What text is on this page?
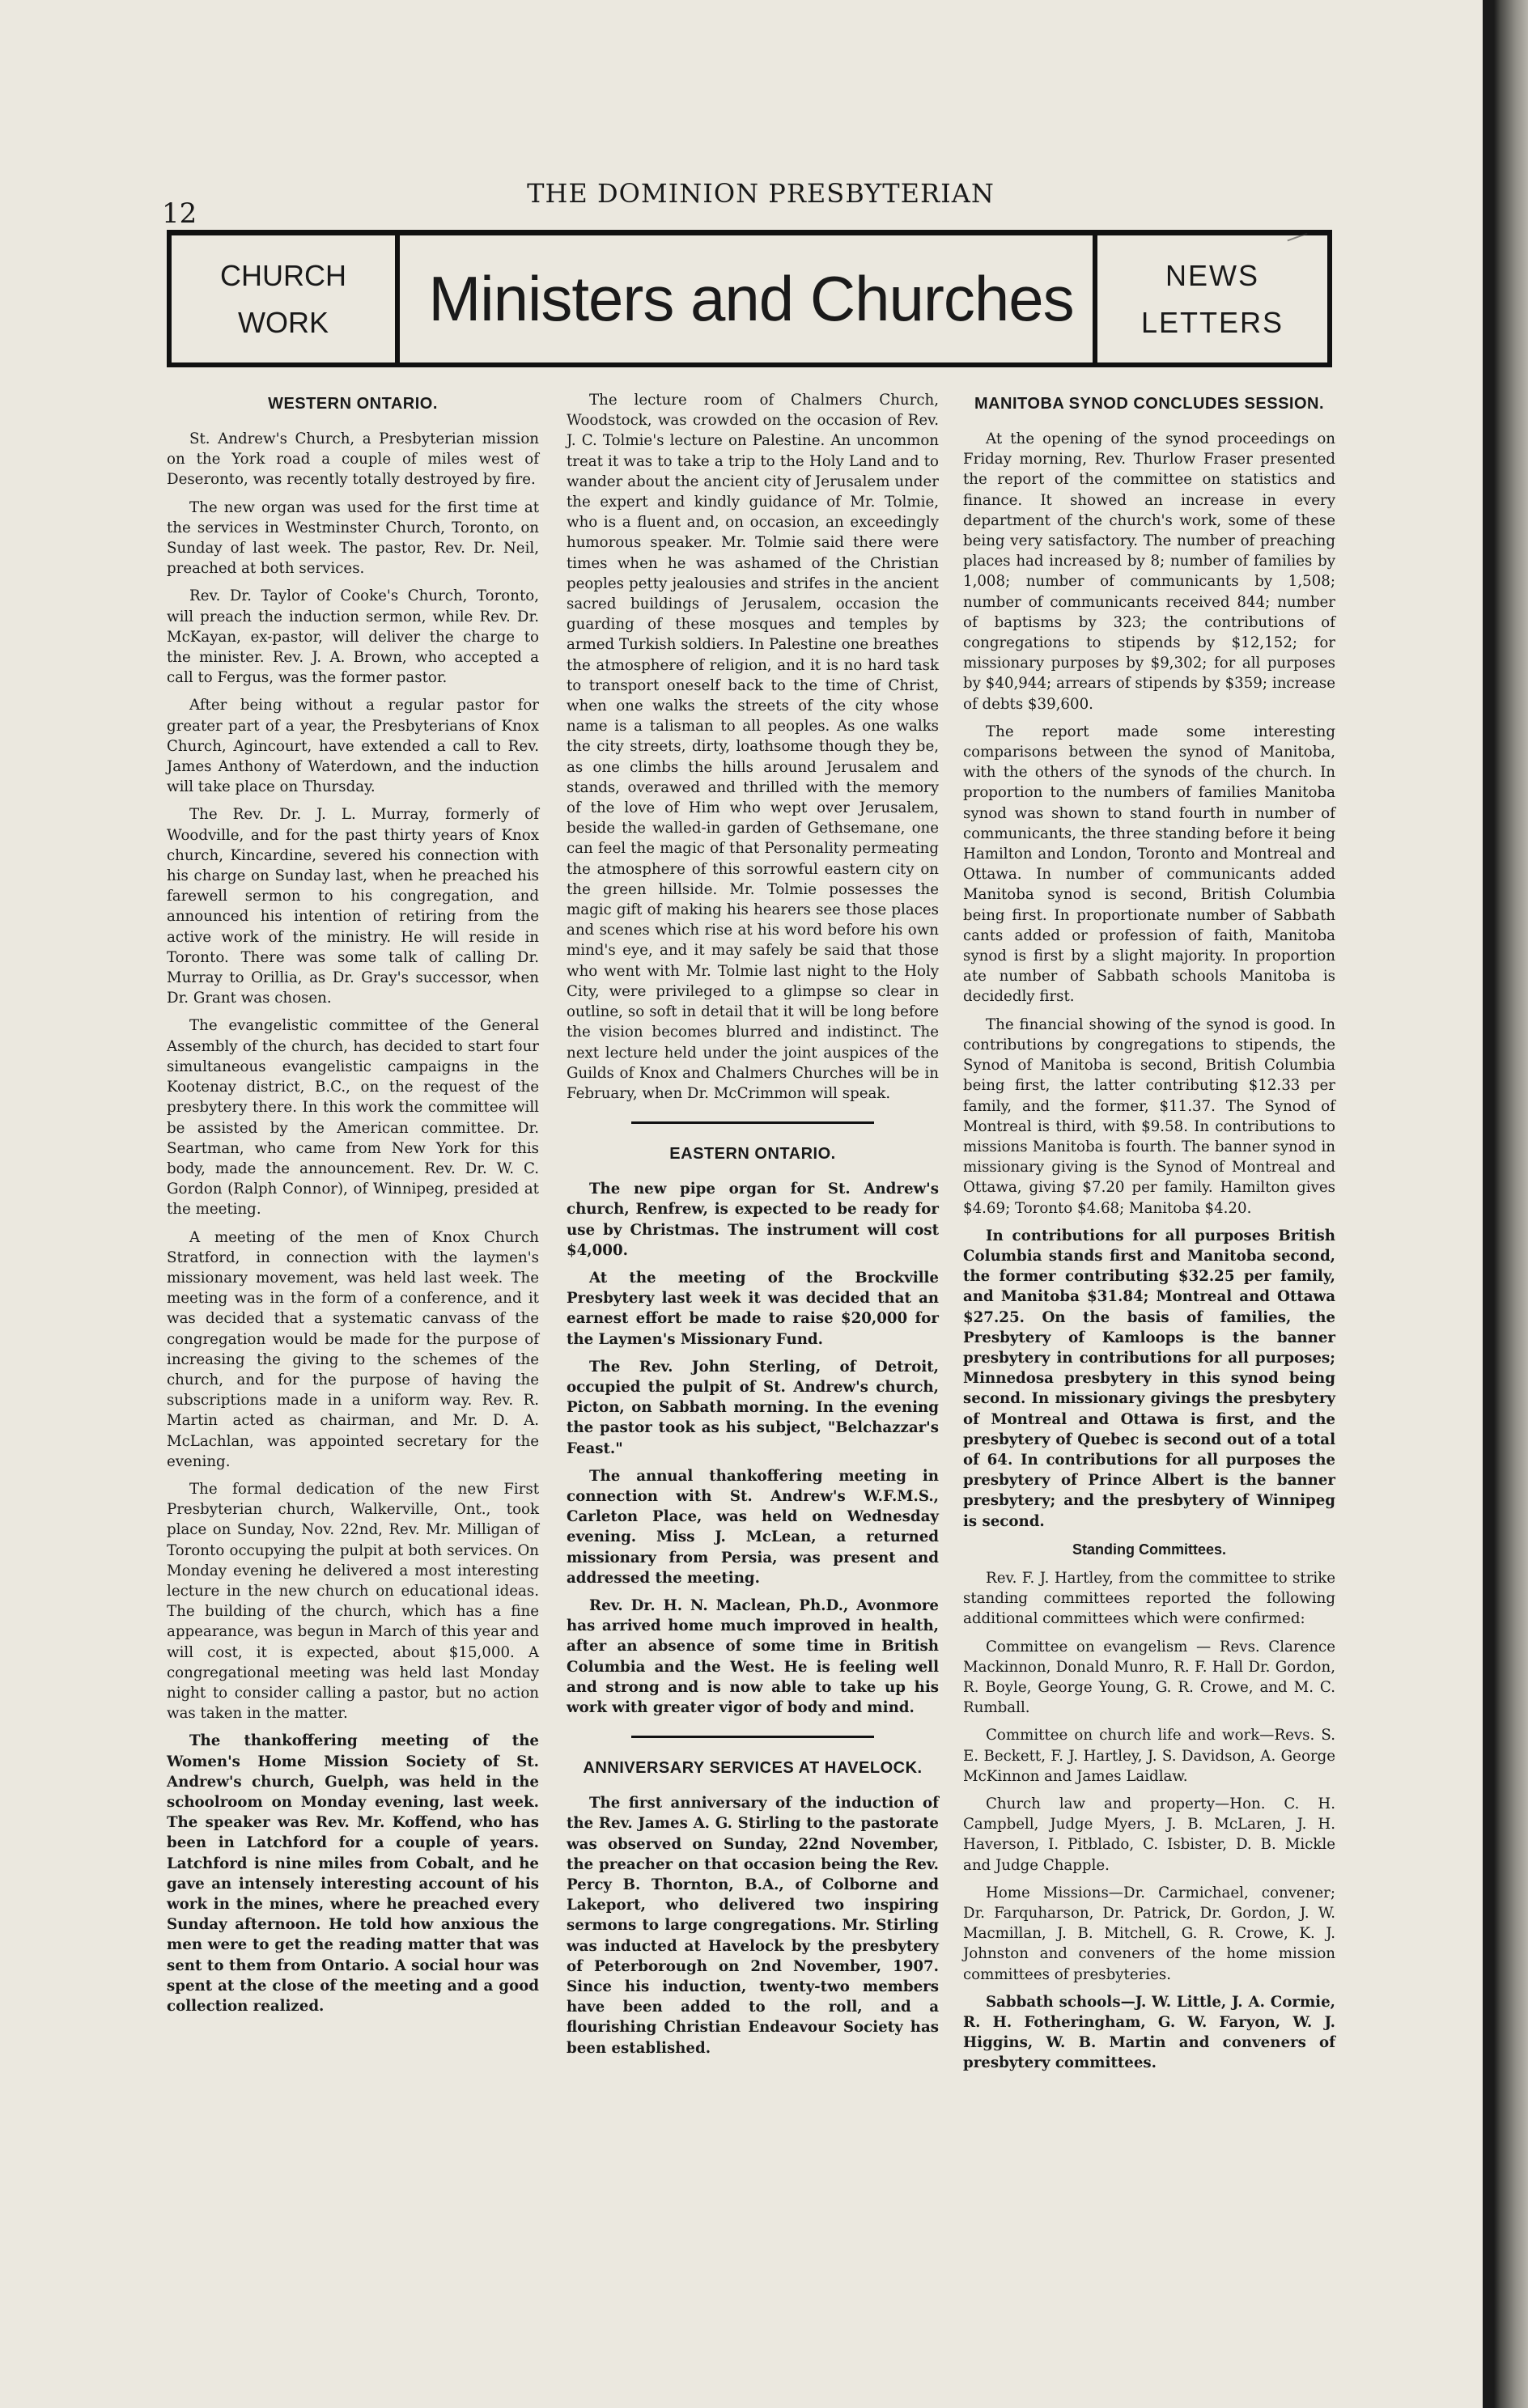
12
THE DOMINION PRESBYTERIAN
CHURCH
WORK	Ministers and Churches	NEWS
LETTERS
WESTERN ONTARIO.

St. Andrew's Church, a Presbyterian mission on the York road a couple of miles west of Deseronto, was recently totally destroyed by fire.

The new organ was used for the first time at the services in Westminster Church, Toronto, on Sunday of last week. The pastor, Rev. Dr. Neil, preached at both services.

Rev. Dr. Taylor of Cooke's Church, Toronto, will preach the induction sermon, while Rev. Dr. McKayan, ex-pastor, will deliver the charge to the minister. Rev. J. A. Brown, who accepted a call to Fergus, was the former pastor.

After being without a regular pastor for greater part of a year, the Presbyterians of Knox Church, Agincourt, have extended a call to Rev. James Anthony of Waterdown, and the induction will take place on Thursday.

The Rev. Dr. J. L. Murray, formerly of Woodville, and for the past thirty years of Knox church, Kincardine, severed his connection with his charge on Sunday last, when he preached his farewell sermon to his congregation, and announced his intention of retiring from the active work of the ministry. He will reside in Toronto. There was some talk of calling Dr. Murray to Orillia, as Dr. Gray's successor, when Dr. Grant was chosen.

The evangelistic committee of the General Assembly of the church, has decided to start four simultaneous evangelistic campaigns in the Kootenay district, B.C., on the request of the presbytery there. In this work the committee will be assisted by the American committee. Dr. Seartman, who came from New York for this body, made the announcement. Rev. Dr. W. C. Gordon (Ralph Connor), of Winnipeg, presided at the meeting.

A meeting of the men of Knox Church Stratford, in connection with the laymen's missionary movement, was held last week. The meeting was in the form of a conference, and it was decided that a systematic canvass of the congregation would be made for the purpose of increasing the giving to the schemes of the church, and for the purpose of having the subscriptions made in a uniform way. Rev. R. Martin acted as chairman, and Mr. D. A. McLachlan, was appointed secretary for the evening.

The formal dedication of the new First Presbyterian church, Walkerville, Ont., took place on Sunday, Nov. 22nd, Rev. Mr. Milligan of Toronto occupying the pulpit at both services. On Monday evening he delivered a most interesting lecture in the new church on educational ideas. The building of the church, which has a fine appearance, was begun in March of this year and will cost, it is expected, about $15,000. A congregational meeting was held last Monday night to consider calling a pastor, but no action was taken in the matter.

The thankoffering meeting of the Women's Home Mission Society of St. Andrew's church, Guelph, was held in the schoolroom on Monday evening, last week. The speaker was Rev. Mr. Koffend, who has been in Latchford for a couple of years. Latchford is nine miles from Cobalt, and he gave an intensely interesting account of his work in the mines, where he preached every Sunday afternoon. He told how anxious the men were to get the reading matter that was sent to them from Ontario. A social hour was spent at the close of the meeting and a good collection realized.

The lecture room of Chalmers Church, Woodstock, was crowded on the occasion of Rev. J. C. Tolmie's lecture on Palestine. An uncommon treat it was to take a trip to the Holy Land and to wander about the ancient city of Jerusalem under the expert and kindly guidance of Mr. Tolmie, who is a fluent and, on occasion, an exceedingly humorous speaker. Mr. Tolmie said there were times when he was ashamed of the Christian peoples petty jealousies and strifes in the ancient sacred buildings of Jerusalem, occasion the guarding of these mosques and temples by armed Turkish soldiers. In Palestine one breathes the atmosphere of religion, and it is no hard task to transport oneself back to the time of Christ, when one walks the streets of the city whose name is a talisman to all peoples. As one walks the city streets, dirty, loathsome though they be, as one climbs the hills around Jerusalem and stands, overawed and thrilled with the memory of the love of Him who wept over Jerusalem, beside the walled-in garden of Gethsemane, one can feel the magic of that Personality permeating the atmosphere of this sorrowful eastern city on the green hillside. Mr. Tolmie possesses the magic gift of making his hearers see those places and scenes which rise at his word before his own mind's eye, and it may safely be said that those who went with Mr. Tolmie last night to the Holy City, were privileged to a glimpse so clear in outline, so soft in detail that it will be long before the vision becomes blurred and indistinct. The next lecture held under the joint auspices of the Guilds of Knox and Chalmers Churches will be in February, when Dr. McCrimmon will speak.

EASTERN ONTARIO.

The new pipe organ for St. Andrew's church, Renfrew, is expected to be ready for use by Christmas. The instrument will cost $4,000.

At the meeting of the Brockville Presbytery last week it was decided that an earnest effort be made to raise $20,000 for the Laymen's Missionary Fund.

The Rev. John Sterling, of Detroit, occupied the pulpit of St. Andrew's church, Picton, on Sabbath morning. In the evening the pastor took as his subject, "Belchazzar's Feast."

The annual thankoffering meeting in connection with St. Andrew's W.F.M.S., Carleton Place, was held on Wednesday evening. Miss J. McLean, a returned missionary from Persia, was present and addressed the meeting.

Rev. Dr. H. N. Maclean, Ph.D., Avonmore has arrived home much improved in health, after an absence of some time in British Columbia and the West. He is feeling well and strong and is now able to take up his work with greater vigor of body and mind.

ANNIVERSARY SERVICES AT HAVELOCK.

The first anniversary of the induction of the Rev. James A. G. Stirling to the pastorate was observed on Sunday, 22nd November, the preacher on that occasion being the Rev. Percy B. Thornton, B.A., of Colborne and Lakeport, who delivered two inspiring sermons to large congregations. Mr. Stirling was inducted at Havelock by the presbytery of Peterborough on 2nd November, 1907. Since his induction, twenty-two members have been added to the roll, and a flourishing Christian Endeavour Society has been established.

MANITOBA SYNOD CONCLUDES SESSION.

At the opening of the synod proceedings on Friday morning, Rev. Thurlow Fraser presented the report of the committee on statistics and finance. It showed an increase in every department of the church's work, some of these being very satisfactory. The number of preaching places had increased by 8; number of families by 1,008; number of communicants by 1,508; number of communicants received 844; number of baptisms by 323; the contributions of congregations to stipends by $12,152; for missionary purposes by $9,302; for all purposes by $40,944; arrears of stipends by $359; increase of debts $39,600.

The report made some interesting comparisons between the synod of Manitoba, with the others of the synods of the church. In proportion to the numbers of families Manitoba synod was shown to stand fourth in number of communicants, the three standing before it being Hamilton and London, Toronto and Montreal and Ottawa. In number of communicants added Manitoba synod is second, British Columbia being first. In proportionate number of Sabbath cants added or profession of faith, Manitoba synod is first by a slight majority. In proportion ate number of Sabbath schools Manitoba is decidedly first.

The financial showing of the synod is good. In contributions by congregations to stipends, the Synod of Manitoba is second, British Columbia being first, the latter contributing $12.33 per family, and the former, $11.37. The Synod of Montreal is third, with $9.58. In contributions to missions Manitoba is fourth. The banner synod in missionary giving is the Synod of Montreal and Ottawa, giving $7.20 per family. Hamilton gives $4.69; Toronto $4.68; Manitoba $4.20.

In contributions for all purposes British Columbia stands first and Manitoba second, the former contributing $32.25 per family, and Manitoba $31.84; Montreal and Ottawa $27.25. On the basis of families, the Presbytery of Kamloops is the banner presbytery in contributions for all purposes; Minnedosa presbytery in this synod being second. In missionary givings the presbytery of Montreal and Ottawa is first, and the presbytery of Quebec is second out of a total of 64. In contributions for all purposes the presbytery of Prince Albert is the banner presbytery; and the presbytery of Winnipeg is second.

Standing Committees.

Rev. F. J. Hartley, from the committee to strike standing committees reported the following additional committees which were confirmed:

Committee on evangelism — Revs. Clarence Mackinnon, Donald Munro, R. F. Hall Dr. Gordon, R. Boyle, George Young, G. R. Crowe, and M. C. Rumball.

Committee on church life and work—Revs. S. E. Beckett, F. J. Hartley, J. S. Davidson, A. George McKinnon and James Laidlaw.

Church law and property—Hon. C. H. Campbell, Judge Myers, J. B. McLaren, J. H. Haverson, I. Pitblado, C. Isbister, D. B. Mickle and Judge Chapple.

Home Missions—Dr. Carmichael, convener; Dr. Farquharson, Dr. Patrick, Dr. Gordon, J. W. Macmillan, J. B. Mitchell, G. R. Crowe, K. J. Johnston and conveners of the home mission committees of presbyteries.

Sabbath schools—J. W. Little, J. A. Cormie, R. H. Fotheringham, G. W. Faryon, W. J. Higgins, W. B. Martin and conveners of presbytery committees.
